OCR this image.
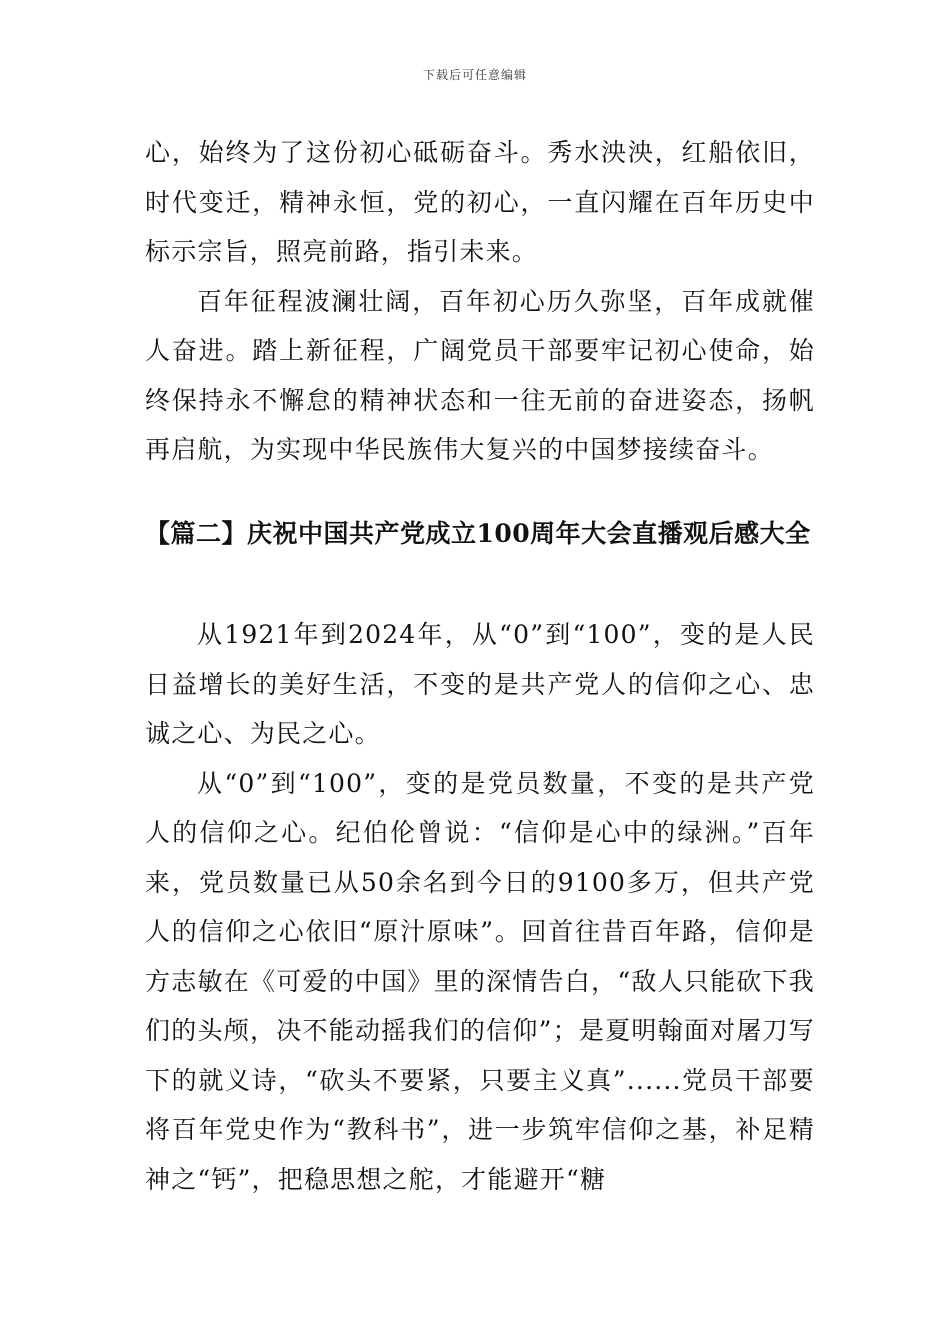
下载后可任意编辑

心，始终为了这份初心砥砺奋斗。秀水泱泱，红船依旧，时代变迁，精神永恒，党的初心，一直闪耀在百年历史中标示宗旨，照亮前路，指引未来。

百年征程波澜壮阔，百年初心历久弥坚，百年成就催人奋进。踏上新征程，广阔党员干部要牢记初心使命，始终保持永不懈怠的精神状态和一往无前的奋进姿态，扬帆再启航，为实现中华民族伟大复兴的中国梦接续奋斗。

【篇二】庆祝中国共产党成立100周年大会直播观后感大全

从1921年到2024年，从“0”到“100”，变的是人民日益增长的美好生活，不变的是共产党人的信仰之心、忠诚之心、为民之心。

从“0”到“100”，变的是党员数量，不变的是共产党人的信仰之心。纪伯伦曾说：“信仰是心中的绿洲。”百年来，党员数量已从50余名到今日的9100多万，但共产党人的信仰之心依旧“原汁原味”。回首往昔百年路，信仰是方志敏在《可爱的中国》里的深情告白，“敌人只能砍下我们的头颅，决不能动摇我们的信仰”；是夏明翰面对屠刀写下的就义诗，“砍头不要紧，只要主义真”......党员干部要将百年党史作为“教科书”，进一步筑牢信仰之基，补足精神之“钙”，把稳思想之舵，才能避开“糖
